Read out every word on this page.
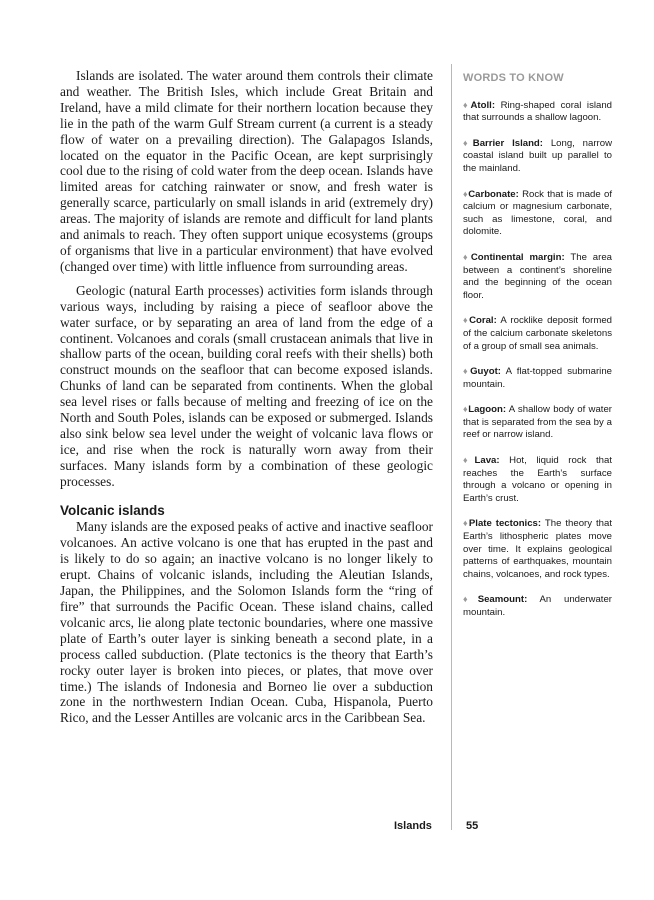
Islands are isolated. The water around them controls their climate and weather. The British Isles, which include Great Britain and Ireland, have a mild climate for their northern location because they lie in the path of the warm Gulf Stream current (a current is a steady flow of water on a prevailing direction). The Galapagos Islands, located on the equator in the Pacific Ocean, are kept surprisingly cool due to the rising of cold water from the deep ocean. Islands have limited areas for catching rainwater or snow, and fresh water is generally scarce, particularly on small islands in arid (extremely dry) areas. The majority of islands are remote and difficult for land plants and animals to reach. They often support unique ecosystems (groups of organisms that live in a particular environment) that have evolved (changed over time) with little influence from surrounding areas.

Geologic (natural Earth processes) activities form islands through various ways, including by raising a piece of seafloor above the water surface, or by separating an area of land from the edge of a continent. Volcanoes and corals (small crustacean animals that live in shallow parts of the ocean, building coral reefs with their shells) both construct mounds on the seafloor that can become exposed islands. Chunks of land can be separated from continents. When the global sea level rises or falls because of melting and freezing of ice on the North and South Poles, islands can be exposed or submerged. Islands also sink below sea level under the weight of volcanic lava flows or ice, and rise when the rock is naturally worn away from their surfaces. Many islands form by a combination of these geologic processes.

Volcanic islands

Many islands are the exposed peaks of active and inactive seafloor volcanoes. An active volcano is one that has erupted in the past and is likely to do so again; an inactive volcano is no longer likely to erupt. Chains of volcanic islands, including the Aleutian Islands, Japan, the Philippines, and the Solomon Islands form the “ring of fire” that surrounds the Pacific Ocean. These island chains, called volcanic arcs, lie along plate tectonic boundaries, where one massive plate of Earth’s outer layer is sinking beneath a second plate, in a process called subduction. (Plate tectonics is the theory that Earth’s rocky outer layer is broken into pieces, or plates, that move over time.) The islands of Indonesia and Borneo lie over a subduction zone in the northwestern Indian Ocean. Cuba, Hispanola, Puerto Rico, and the Lesser Antilles are volcanic arcs in the Caribbean Sea.

WORDS TO KNOW

♦Atoll: Ring-shaped coral island that surrounds a shallow lagoon.

♦Barrier Island: Long, narrow coastal island built up parallel to the mainland.

♦Carbonate: Rock that is made of calcium or magnesium carbonate, such as limestone, coral, and dolomite.

♦Continental margin: The area between a continent’s shoreline and the beginning of the ocean floor.

♦Coral: A rocklike deposit formed of the calcium carbonate skeletons of a group of small sea animals.

♦Guyot: A flat-topped submarine mountain.

♦Lagoon: A shallow body of water that is separated from the sea by a reef or narrow island.

♦Lava: Hot, liquid rock that reaches the Earth’s surface through a volcano or opening in Earth’s crust.

♦Plate tectonics: The theory that Earth’s lithospheric plates move over time. It explains geological patterns of earthquakes, mountain chains, volcanoes, and rock types.

♦Seamount: An underwater mountain.

Islands	55
